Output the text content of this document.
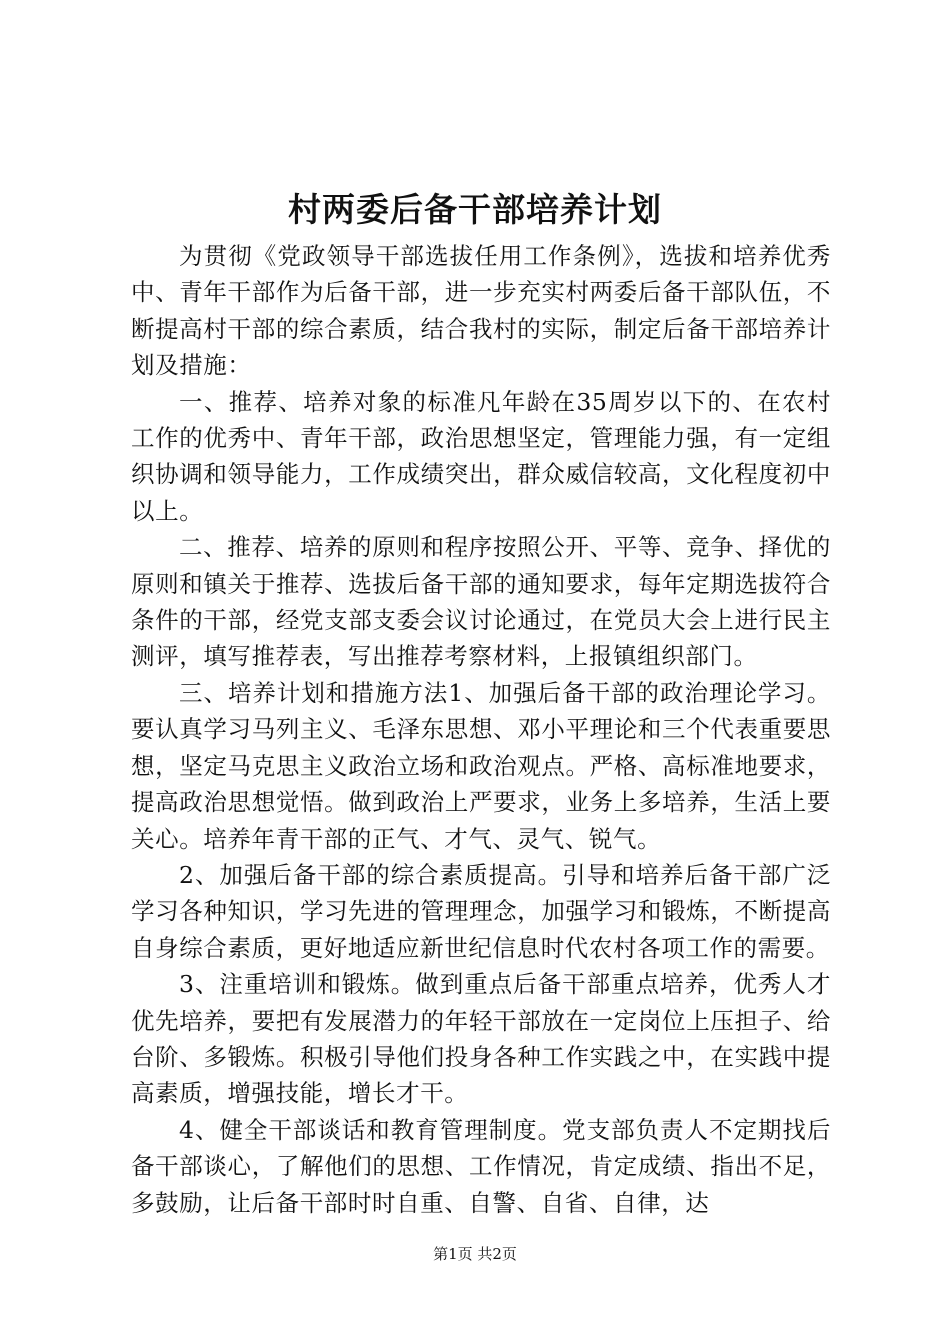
村两委后备干部培养计划

为贯彻《党政领导干部选拔任用工作条例》，选拔和培养优秀中、青年干部作为后备干部，进一步充实村两委后备干部队伍，不断提高村干部的综合素质，结合我村的实际，制定后备干部培养计划及措施：

一、推荐、培养对象的标准凡年龄在35周岁以下的、在农村工作的优秀中、青年干部，政治思想坚定，管理能力强，有一定组织协调和领导能力，工作成绩突出，群众威信较高，文化程度初中以上。

二、推荐、培养的原则和程序按照公开、平等、竞争、择优的原则和镇关于推荐、选拔后备干部的通知要求，每年定期选拔符合条件的干部，经党支部支委会议讨论通过，在党员大会上进行民主测评，填写推荐表，写出推荐考察材料，上报镇组织部门。

三、培养计划和措施方法1、加强后备干部的政治理论学习。要认真学习马列主义、毛泽东思想、邓小平理论和三个代表重要思想，坚定马克思主义政治立场和政治观点。严格、高标准地要求，提高政治思想觉悟。做到政治上严要求，业务上多培养，生活上要关心。培养年青干部的正气、才气、灵气、锐气。

2、加强后备干部的综合素质提高。引导和培养后备干部广泛学习各种知识，学习先进的管理理念，加强学习和锻炼，不断提高自身综合素质，更好地适应新世纪信息时代农村各项工作的需要。

3、注重培训和锻炼。做到重点后备干部重点培养，优秀人才优先培养，要把有发展潜力的年轻干部放在一定岗位上压担子、给台阶、多锻炼。积极引导他们投身各种工作实践之中，在实践中提高素质，增强技能，增长才干。

4、健全干部谈话和教育管理制度。党支部负责人不定期找后备干部谈心，了解他们的思想、工作情况，肯定成绩、指出不足，多鼓励，让后备干部时时自重、自警、自省、自律，达

第1页 共2页
